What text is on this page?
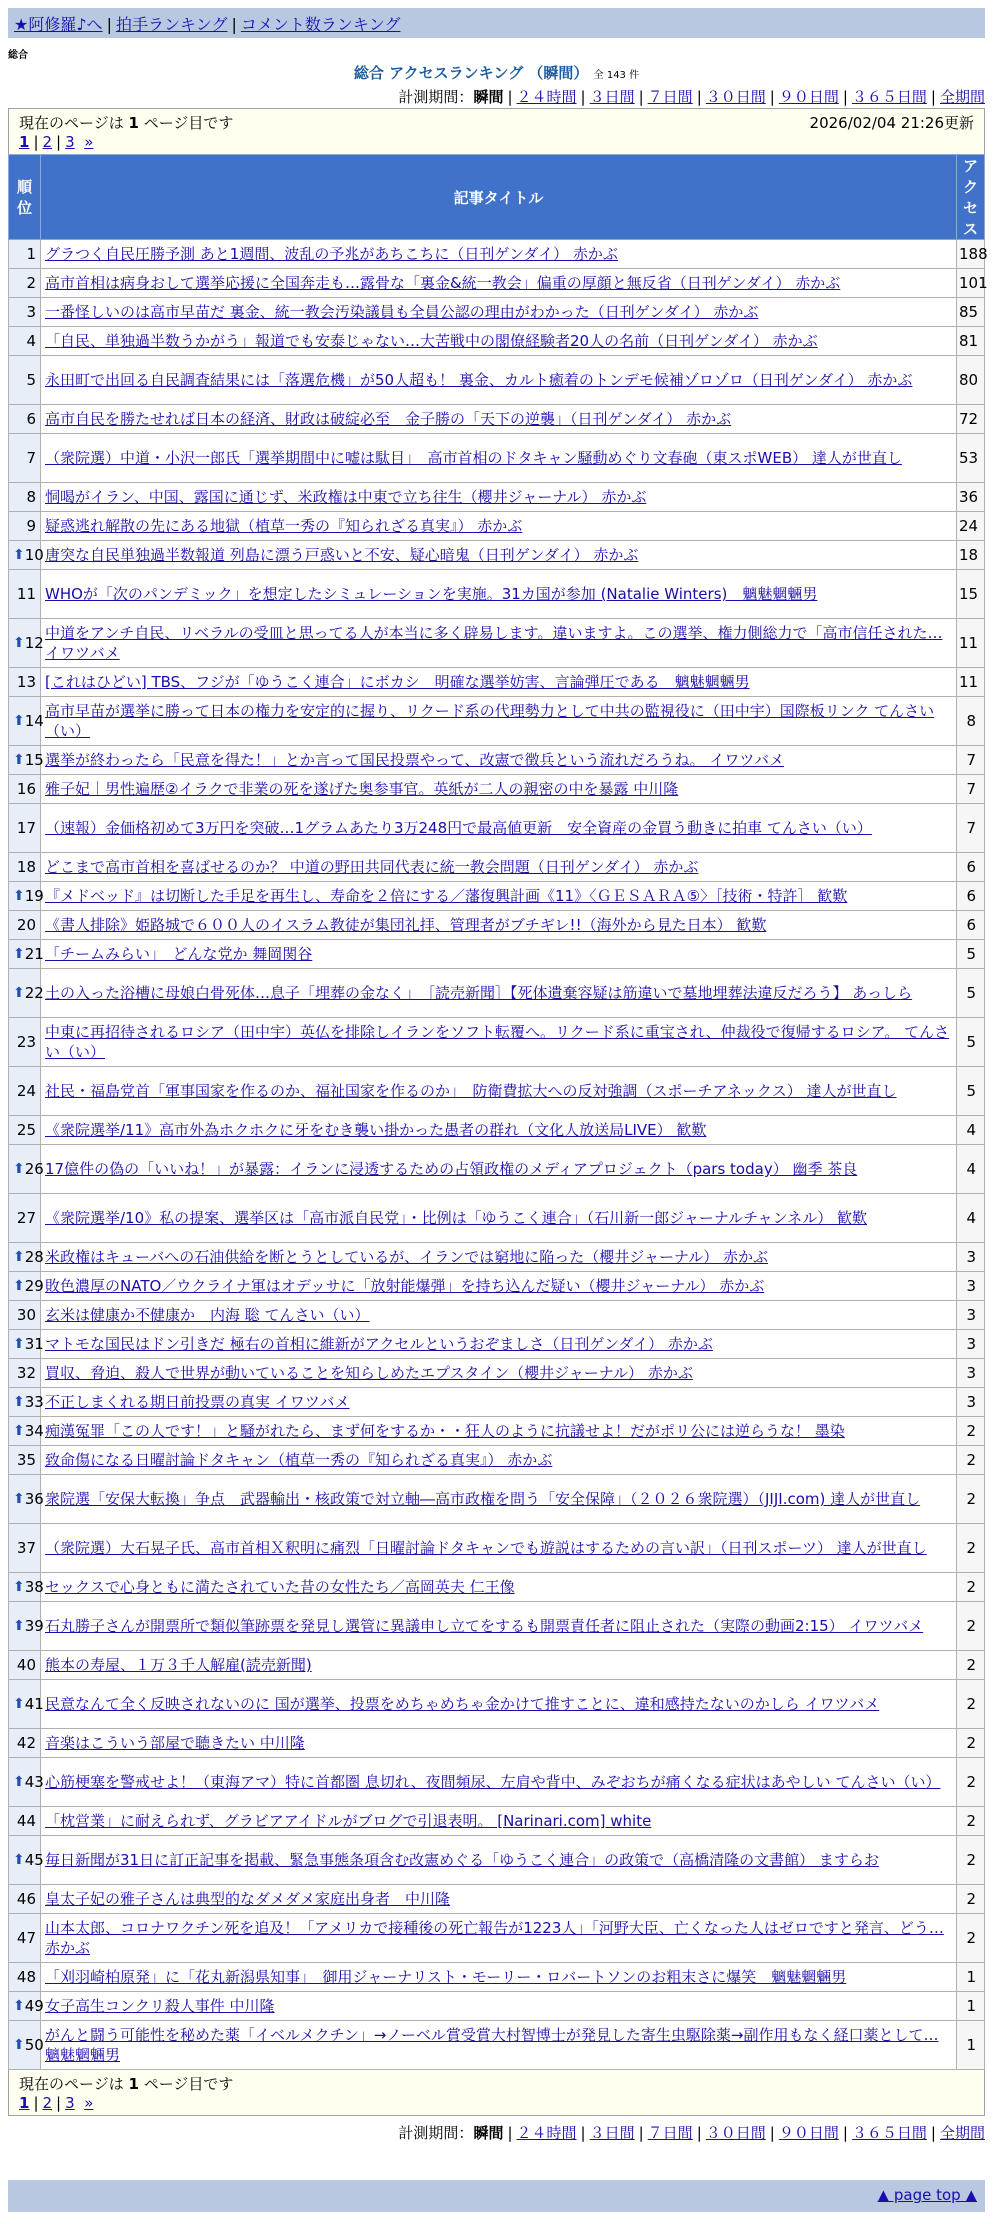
★阿修羅♪へ | 拍手ランキング | コメント数ランキング
総合
総合 アクセスランキング （瞬間） 全 143 件
計測期間：瞬間 | ２４時間 | ３日間 | ７日間 | ３０日間 | ９０日間 | ３６５日間 | 全期間
現在のページは 1 ページ目です 2026/02/04 21:26更新
1 | 2 | 3 »		

順位	記事タイトル	アクセス
1	グラつく自民圧勝予測 あと1週間、波乱の予兆があちこちに（日刊ゲンダイ） 赤かぶ	188
2	高市首相は病身おして選挙応援に全国奔走も…露骨な「裏金&統一教会」偏重の厚顔と無反省（日刊ゲンダイ） 赤かぶ	101
3	一番怪しいのは高市早苗だ 裏金、統一教会汚染議員も全員公認の理由がわかった（日刊ゲンダイ） 赤かぶ	85
4	「自民、単独過半数うかがう」報道でも安泰じゃない…大苦戦中の閣僚経験者20人の名前（日刊ゲンダイ） 赤かぶ	81
5	永田町で出回る自民調査結果には「落選危機」が50人超も！ 裏金、カルト癒着のトンデモ候補ゾロゾロ（日刊ゲンダイ） 赤かぶ	80
6	高市自民を勝たせれば日本の経済、財政は破綻必至　金子勝の「天下の逆襲」（日刊ゲンダイ） 赤かぶ	72
7	（衆院選）中道・小沢一郎氏「選挙期間中に嘘は駄目」　高市首相のドタキャン騒動めぐり文春砲（東スポWEB） 達人が世直し	53
8	恫喝がイラン、中国、露国に通じず、米政権は中東で立ち往生（櫻井ジャーナル） 赤かぶ	36
9	疑惑逃れ解散の先にある地獄（植草一秀の『知られざる真実』） 赤かぶ	24

⬆ 10	唐突な自民単独過半数報道 列島に漂う戸惑いと不安、疑心暗鬼（日刊ゲンダイ） 赤かぶ	18
11	WHOが「次のパンデミック」を想定したシミュレーションを実施。31カ国が参加 (Natalie Winters)　魑魅魍魎男	15

⬆ 12	中道をアンチ自民、リベラルの受皿と思ってる人が本当に多く辟易します。違いますよ。この選挙、権力側総力で「高市信任された… イワツバメ	11
13	[これはひどい] TBS、フジが「ゆうこく連合」にボカシ　明確な選挙妨害、言論弾圧である　魑魅魍魎男	11

⬆ 14	高市早苗が選挙に勝って日本の権力を安定的に握り、リクード系の代理勢力として中共の監視役に（田中宇）国際板リンク てんさい（い）	8

⬆ 15	選挙が終わったら「民意を得た！」とか言って国民投票やって、改憲で徴兵という流れだろうね。 イワツバメ	7
16	雅子妃｜男性遍歴②イラクで非業の死を遂げた奥参事官。英紙が二人の親密の中を暴露 中川隆	7
17	（速報）金価格初めて3万円を突破…1グラムあたり3万248円で最高値更新　安全資産の金買う動きに拍車 てんさい（い）	7
18	どこまで高市首相を喜ばせるのか？ 中道の野田共同代表に統一教会問題（日刊ゲンダイ） 赤かぶ	6

⬆ 19	『メドベッド』は切断した手足を再生し、寿命を２倍にする／藩復興計画《11》〈ＧＥＳＡＲＡ⑤〉［技術・特許］ 歓歎	6
20	《書人排除》姫路城で６００人のイスラム教徒が集団礼拝、管理者がブチギレ!!（海外から見た日本） 歓歎	6

⬆ 21	「チームみらい」　どんな党か 舞岡関谷	5

⬆ 22	土の入った浴槽に母娘白骨死体…息子「埋葬の金なく」　［読売新聞］【死体遺棄容疑は筋違いで墓地埋葬法違反だろう】 あっしら	5
23	中東に再招待されるロシア（田中宇）英仏を排除しイランをソフト転覆へ。リクード系に重宝され、仲裁役で復帰するロシア。 てんさい（い）	5
24	社民・福島党首「軍事国家を作るのか、福祉国家を作るのか」　防衛費拡大への反対強調（スポーチアネックス） 達人が世直し	5
25	《衆院選挙/11》高市外為ホクホクに牙をむき襲い掛かった愚者の群れ（文化人放送局LIVE） 歓歎	4

⬆ 26	17億件の偽の「いいね！」が暴露：イランに浸透するための占領政権のメディアプロジェクト（pars today） 幽季 茶良	4
27	《衆院選挙/10》私の提案、選挙区は「高市派自民党」・比例は「ゆうこく連合」（石川新一郎ジャーナルチャンネル） 歓歎	4

⬆ 28	米政権はキューバへの石油供給を断とうとしているが、イランでは窮地に陥った（櫻井ジャーナル） 赤かぶ	3

⬆ 29	敗色濃厚のNATO／ウクライナ軍はオデッサに「放射能爆弾」を持ち込んだ疑い（櫻井ジャーナル） 赤かぶ	3
30	玄米は健康か不健康か　内海 聡 てんさい（い）	3

⬆ 31	マトモな国民はドン引きだ 極右の首相に維新がアクセルというおぞましさ（日刊ゲンダイ） 赤かぶ	3
32	買収、脅迫、殺人で世界が動いていることを知らしめたエプスタイン（櫻井ジャーナル） 赤かぶ	3

⬆ 33	不正しまくれる期日前投票の真実 イワツバメ	3

⬆ 34	痴漢冤罪「この人です！」と騒がれたら、まず何をするか・・狂人のように抗議せよ！だがポリ公には逆らうな！ 墨染	2
35	致命傷になる日曜討論ドタキャン（植草一秀の『知られざる真実』） 赤かぶ	2

⬆ 36	衆院選「安保大転換」争点　武器輸出・核政策で対立軸―高市政権を問う「安全保障」（２０２６衆院選）（JIJI.com) 達人が世直し	2
37	（衆院選）大石晃子氏、高市首相Ｘ釈明に痛烈「日曜討論ドタキャンでも遊説はするための言い訳」（日刊スポーツ） 達人が世直し	2

⬆ 38	セックスで心身ともに満たされていた昔の女性たち／高岡英夫 仁王像	2

⬆ 39	石丸勝子さんが開票所で類似筆跡票を発見し選管に異議申し立てをするも開票責任者に阻止された（実際の動画2:15） イワツバメ	2
40	熊本の寿屋、１万３千人解雇(読売新聞)	2

⬆ 41	民意なんて全く反映されないのに 国が選挙、投票をめちゃめちゃ金かけて推すことに、違和感持たないのかしら イワツバメ	2
42	音楽はこういう部屋で聴きたい 中川隆	2

⬆ 43	心筋梗塞を警戒せよ！（東海アマ）特に首都圏 息切れ、夜間頻尿、左肩や背中、みぞおちが痛くなる症状はあやしい てんさい（い）	2
44	「枕営業」に耐えられず、グラビアアイドルがブログで引退表明。 [Narinari.com] white	2

⬆ 45	毎日新聞が31日に訂正記事を掲載、緊急事態条項含む改憲めぐる「ゆうこく連合」の政策で（高橋清隆の文書館） ますらお	2
46	皇太子妃の雅子さんは典型的なダメダメ家庭出身者　中川隆	2
47	山本太郎、コロナワクチン死を追及！「アメリカで接種後の死亡報告が1223人」「河野大臣、亡くなった人はゼロですと発言、どう… 赤かぶ	2
48	「刈羽崎柏原発」に「花丸新潟県知事」　御用ジャーナリスト・モーリー・ロバートソンのお粗末さに爆笑　魑魅魍魎男	1

⬆ 49	女子高生コンクリ殺人事件 中川隆	1

⬆ 50	がんと闘う可能性を秘めた薬「イベルメクチン」→ノーベル賞受賞大村智博士が発見した寄生虫駆除薬→副作用もなく経口薬として… 魑魅魍魎男	1

現在のページは 1 ページ目です
1 | 2 | 3 »		
▲ page top ▲
計測期間：瞬間 | ２４時間 | ３日間 | ７日間 | ３０日間 | ９０日間 | ３６５日間 | 全期間
